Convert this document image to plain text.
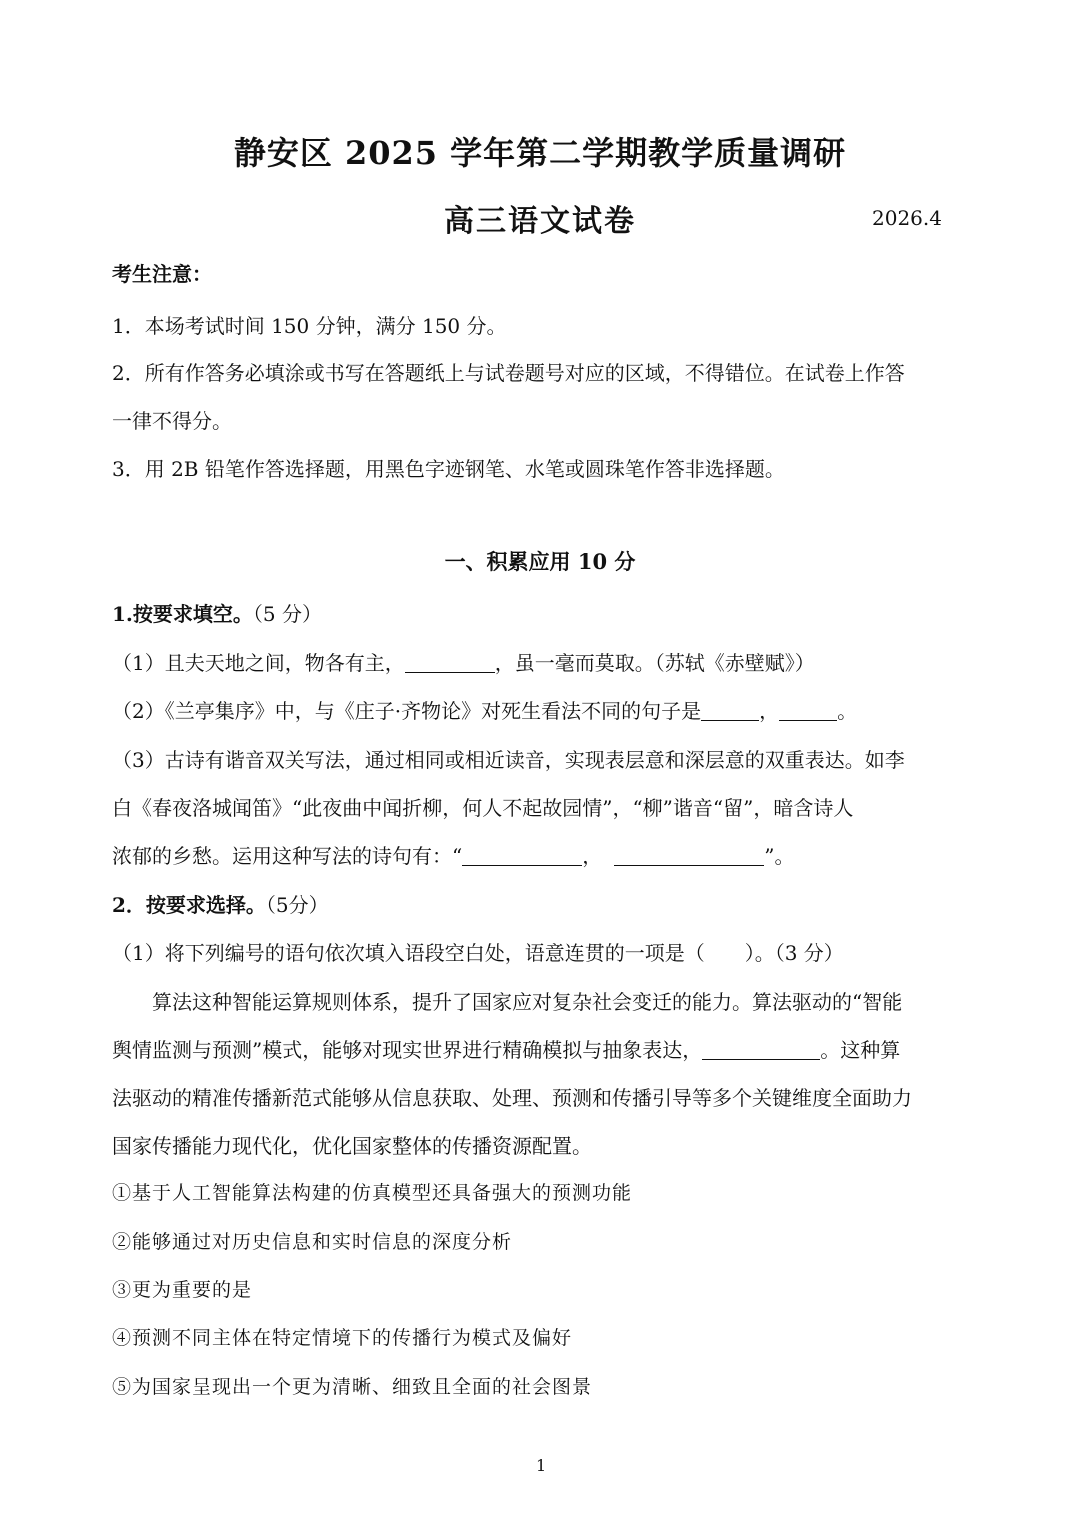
静安区 2025 学年第二学期教学质量调研
高三语文试卷	2026.4
考生注意：
1．本场考试时间 150 分钟，满分 150 分。
2．所有作答务必填涂或书写在答题纸上与试卷题号对应的区域，不得错位。在试卷上作答
一律不得分。
3．用 2B 铅笔作答选择题，用黑色字迹钢笔、水笔或圆珠笔作答非选择题。
一、积累应用 10 分
1.按要求填空。（5 分）
（1）且夫天地之间，物各有主，	，虽一毫而莫取。（苏轼《赤壁赋》）
（2）《兰亭集序》中，与《庄子·齐物论》对死生看法不同的句子是	，	。
（3）古诗有谐音双关写法，通过相同或相近读音，实现表层意和深层意的双重表达。如李
白《春夜洛城闻笛》“此夜曲中闻折柳，何人不起故园情”，“柳”谐音“留”，暗含诗人
浓郁的乡愁。运用这种写法的诗句有：“	，	”。
2．按要求选择。（5分）
（1）将下列编号的语句依次填入语段空白处，语意连贯的一项是（　　）。（3 分）
算法这种智能运算规则体系，提升了国家应对复杂社会变迁的能力。算法驱动的“智能
舆情监测与预测”模式，能够对现实世界进行精确模拟与抽象表达，	。这种算
法驱动的精准传播新范式能够从信息获取、处理、预测和传播引导等多个关键维度全面助力
国家传播能力现代化，优化国家整体的传播资源配置。
①基于人工智能算法构建的仿真模型还具备强大的预测功能
②能够通过对历史信息和实时信息的深度分析
③更为重要的是
④预测不同主体在特定情境下的传播行为模式及偏好
⑤为国家呈现出一个更为清晰、细致且全面的社会图景
1
